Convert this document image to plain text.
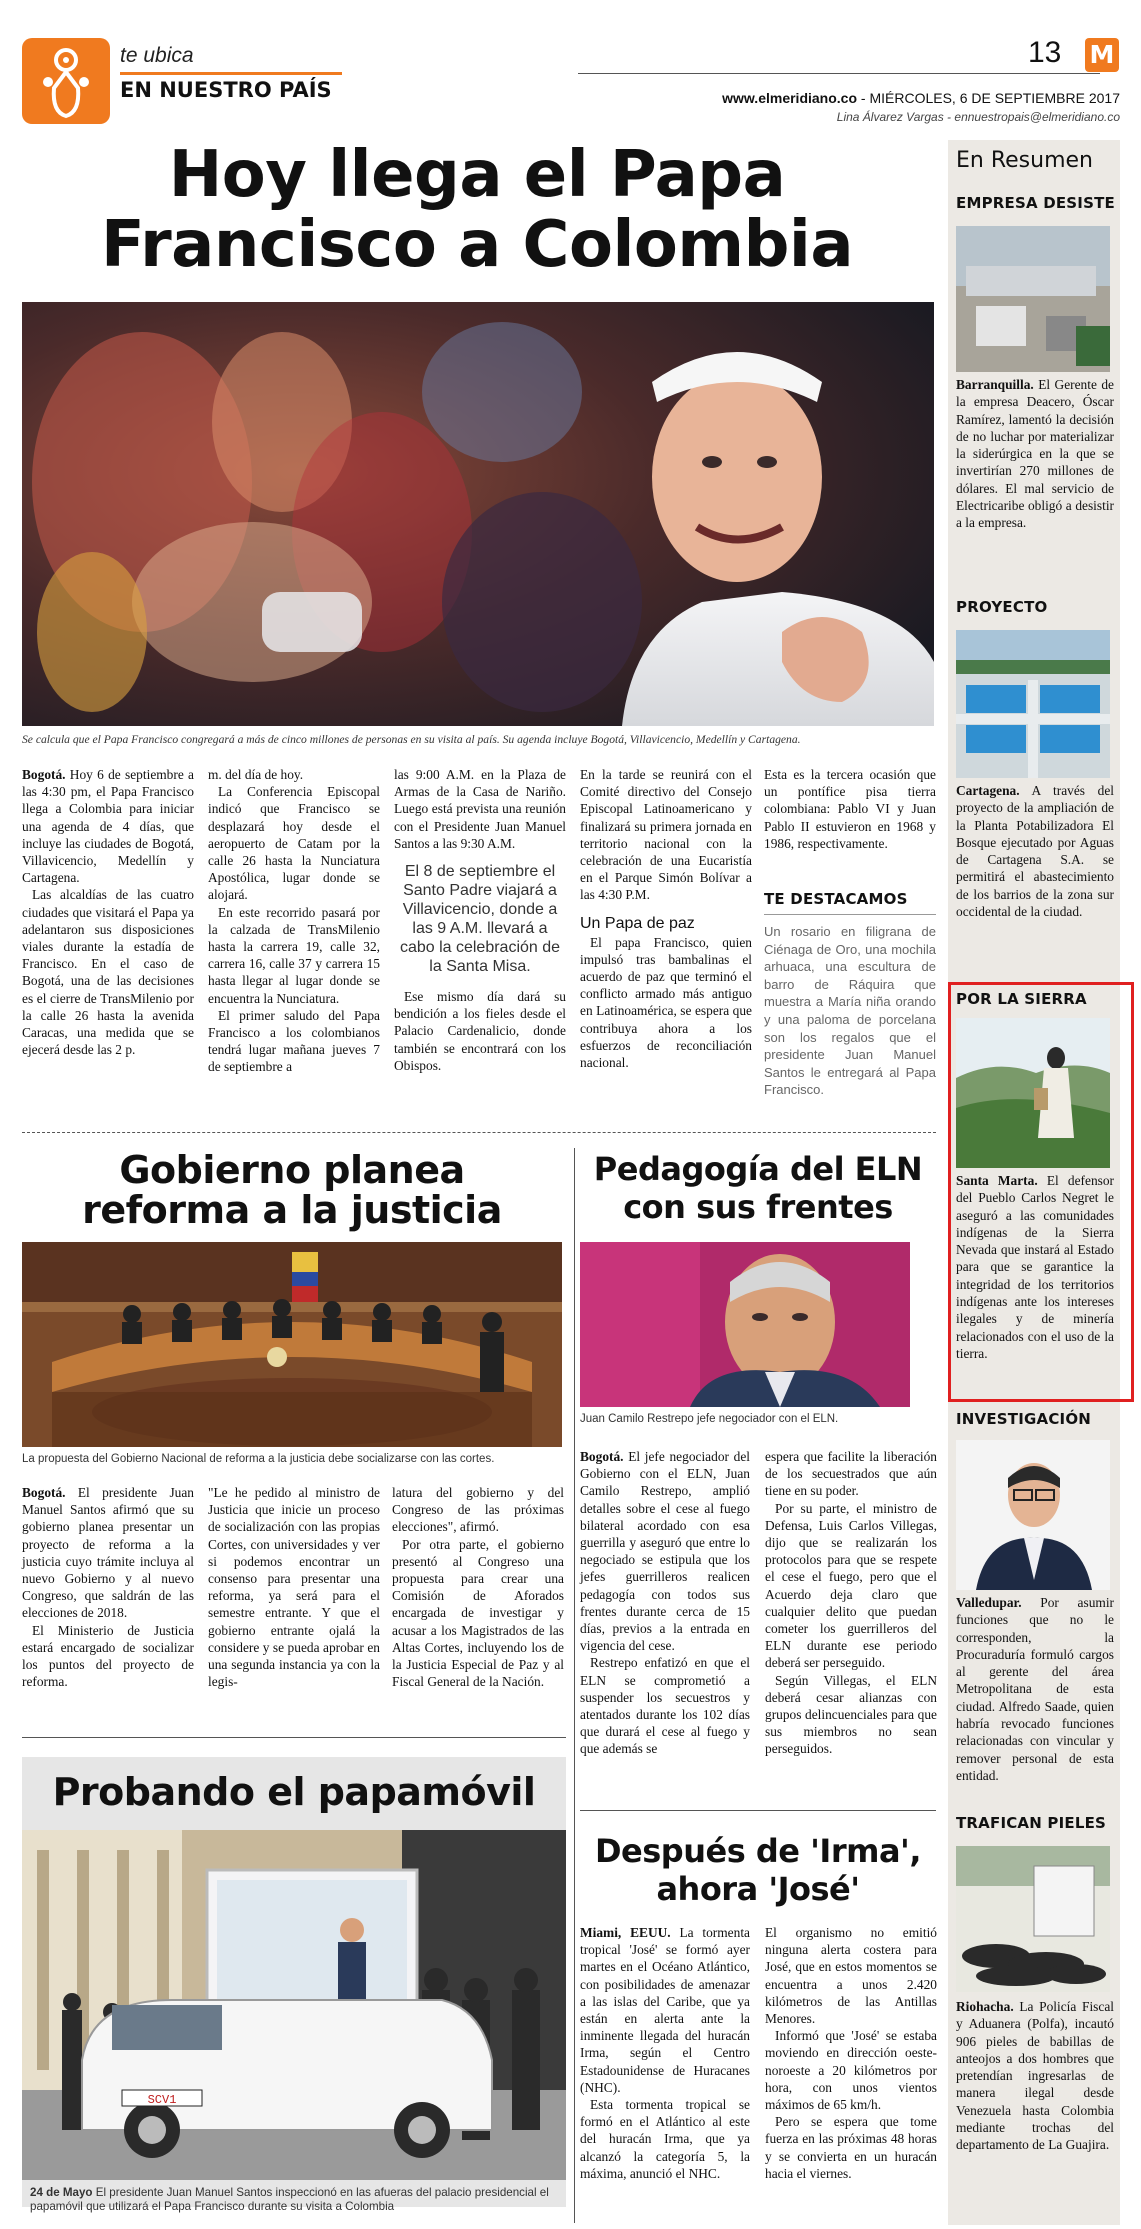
te ubica
EN NUESTRO PAÍS
13 M
www.elmeridiano.co - MIÉRCOLES, 6 DE SEPTIEMBRE 2017
Lina Álvarez Vargas - ennuestropais@elmeridiano.co
Hoy llega el Papa
Francisco a Colombia
Se calcula que el Papa Francisco congregará a más de cinco millones de personas en su visita al país. Su agenda incluye Bogotá, Villavicencio, Medellín y Cartagena.

Bogotá. Hoy 6 de septiembre a las 4:30 pm, el Papa Francisco llega a Colombia para iniciar una agenda de 4 días, que incluye las ciudades de Bogotá, Villavicencio, Medellín y Cartagena.

Las alcaldías de las cuatro ciudades que visitará el Papa ya adelantaron sus disposiciones viales durante la estadía de Francisco. En el caso de Bogotá, una de las decisiones es el cierre de TransMilenio por la calle 26 hasta la avenida Caracas, una medida que se ejecerá desde las 2 p.

m. del día de hoy.

La Conferencia Episcopal indicó que Francisco se desplazará hoy desde el aeropuerto de Catam por la calle 26 hasta la Nunciatura Apostólica, lugar donde se alojará.

En este recorrido pasará por la calzada de TransMilenio hasta la carrera 19, calle 32, carrera 16, calle 37 y carrera 15 hasta llegar al lugar donde se encuentra la Nunciatura.

El primer saludo del Papa Francisco a los colombianos tendrá lugar mañana jueves 7 de septiembre a

las 9:00 A.M. en la Plaza de Armas de la Casa de Nariño. Luego está prevista una reunión con el Presidente Juan Manuel Santos a las 9:30 A.M.

El 8 de septiembre el Santo Padre viajará a Villavicencio, donde a las 9 A.M. llevará a cabo la celebración de la Santa Misa.

Ese mismo día dará su bendición a los fieles desde el Palacio Cardenalicio, donde también se encontrará con los Obispos.

En la tarde se reunirá con el Comité directivo del Consejo Episcopal Latinoamericano y finalizará su primera jornada en territorio nacional con la celebración de una Eucaristía en el Parque Simón Bolívar a las 4:30 P.M.

Un Papa de paz

El papa Francisco, quien impulsó tras bambalinas el acuerdo de paz que terminó el conflicto armado más antiguo en Latinoamérica, se espera que contribuya ahora a los esfuerzos de reconciliación nacional.

Esta es la tercera ocasión que un pontífice pisa tierra colombiana: Pablo VI y Juan Pablo II estuvieron en 1968 y 1986, respectivamente.

TE DESTACAMOS
Un rosario en filigrana de Ciénaga de Oro, una mochila arhuaca, una escultura de barro de Ráquira que muestra a María niña orando y una paloma de porcelana son los regalos que el presidente Juan Manuel Santos le entregará al Papa Francisco.
Gobierno planea
reforma a la justicia
La propuesta del Gobierno Nacional de reforma a la justicia debe socializarse con las cortes.

Bogotá. El presidente Juan Manuel Santos afirmó que su gobierno planea presentar un proyecto de reforma a la justicia cuyo trámite incluya al nuevo Gobierno y al nuevo Congreso, que saldrán de las elecciones de 2018.

El Ministerio de Justicia estará encargado de socializar los puntos del proyecto de reforma.

"Le he pedido al ministro de Justicia que inicie un proceso de socialización con las propias Cortes, con universidades y ver si podemos encontrar un consenso para presentar una reforma, ya será para el semestre entrante. Y que el gobierno entrante ojalá la considere y se pueda aprobar en una segunda instancia ya con la legis-

latura del gobierno y del Congreso de las próximas elecciones", afirmó.

Por otra parte, el gobierno presentó al Congreso una propuesta para crear una Comisión de Aforados encargada de investigar y acusar a los Magistrados de las Altas Cortes, incluyendo los de la Justicia Especial de Paz y al Fiscal General de la Nación.

Pedagogía del ELN
con sus frentes
Juan Camilo Restrepo jefe negociador con el ELN.

Bogotá. El jefe negociador del Gobierno con el ELN, Juan Camilo Restrepo, amplió detalles sobre el cese al fuego bilateral acordado con esa guerrilla y aseguró que entre lo negociado se estipula que los jefes guerrilleros realicen pedagogía con todos sus frentes durante cerca de 15 días, previos a la entrada en vigencia del cese.

Restrepo enfatizó en que el ELN se comprometió a suspender los secuestros y atentados durante los 102 días que durará el cese al fuego y que además se

espera que facilite la liberación de los secuestrados que aún tiene en su poder.

Por su parte, el ministro de Defensa, Luis Carlos Villegas, dijo que se realizarán los protocolos para que se respete el cese el fuego, pero que el Acuerdo deja claro que cualquier delito que puedan cometer los guerrilleros del ELN durante ese periodo deberá ser perseguido.

Según Villegas, el ELN deberá cesar alianzas con grupos delincuenciales para que sus miembros no sean perseguidos.

Probando el papamóvil
SCV1
24 de Mayo El presidente Juan Manuel Santos inspeccionó en las afueras del palacio presidencial el papamóvil que utilizará el Papa Francisco durante su visita a Colombia
Después de 'Irma',
ahora 'José'

Miami, EEUU. La tormenta tropical 'José' se formó ayer martes en el Océano Atlántico, con posibilidades de amenazar a las islas del Caribe, que ya están en alerta ante la inminente llegada del huracán Irma, según el Centro Estadounidense de Huracanes (NHC).

Esta tormenta tropical se formó en el Atlántico al este del huracán Irma, que ya alcanzó la categoría 5, la máxima, anunció el NHC.

El organismo no emitió ninguna alerta costera para José, que en estos momentos se encuentra a unos 2.420 kilómetros de las Antillas Menores.

Informó que 'José' se estaba moviendo en dirección oeste-noroeste a 20 kilómetros por hora, con unos vientos máximos de 65 km/h.

Pero se espera que tome fuerza en las próximas 48 horas y se convierta en un huracán hacia el viernes.

En Resumen
EMPRESA DESISTE
Barranquilla. El Gerente de la empresa Deacero, Óscar Ramírez, lamentó la decisión de no luchar por materializar la siderúrgica en la que se invertirían 270 millones de dólares. El mal servicio de Electricaribe obligó a desistir a la empresa.
PROYECTO
Cartagena. A través del proyecto de la ampliación de la Planta Potabilizadora El Bosque ejecutado por Aguas de Cartagena S.A. se permitirá el abastecimiento de los barrios de la zona sur occidental de la ciudad.
POR LA SIERRA
Santa Marta. El defensor del Pueblo Carlos Negret le aseguró a las comunidades indígenas de la Sierra Nevada que instará al Estado para que se garantice la integridad de los territorios indígenas ante los intereses ilegales y de minería relacionados con el uso de la tierra.
INVESTIGACIÓN
Valledupar. Por asumir funciones que no le corresponden, la Procuraduría formuló cargos al gerente del área Metropolitana de esta ciudad. Alfredo Saade, quien habría revocado funciones relacionadas con vincular y remover personal de esta entidad.
TRAFICAN PIELES
Riohacha. La Policía Fiscal y Aduanera (Polfa), incautó 906 pieles de babillas de anteojos a dos hombres que pretendían ingresarlas de manera ilegal desde Venezuela hasta Colombia mediante trochas del departamento de La Guajira.
